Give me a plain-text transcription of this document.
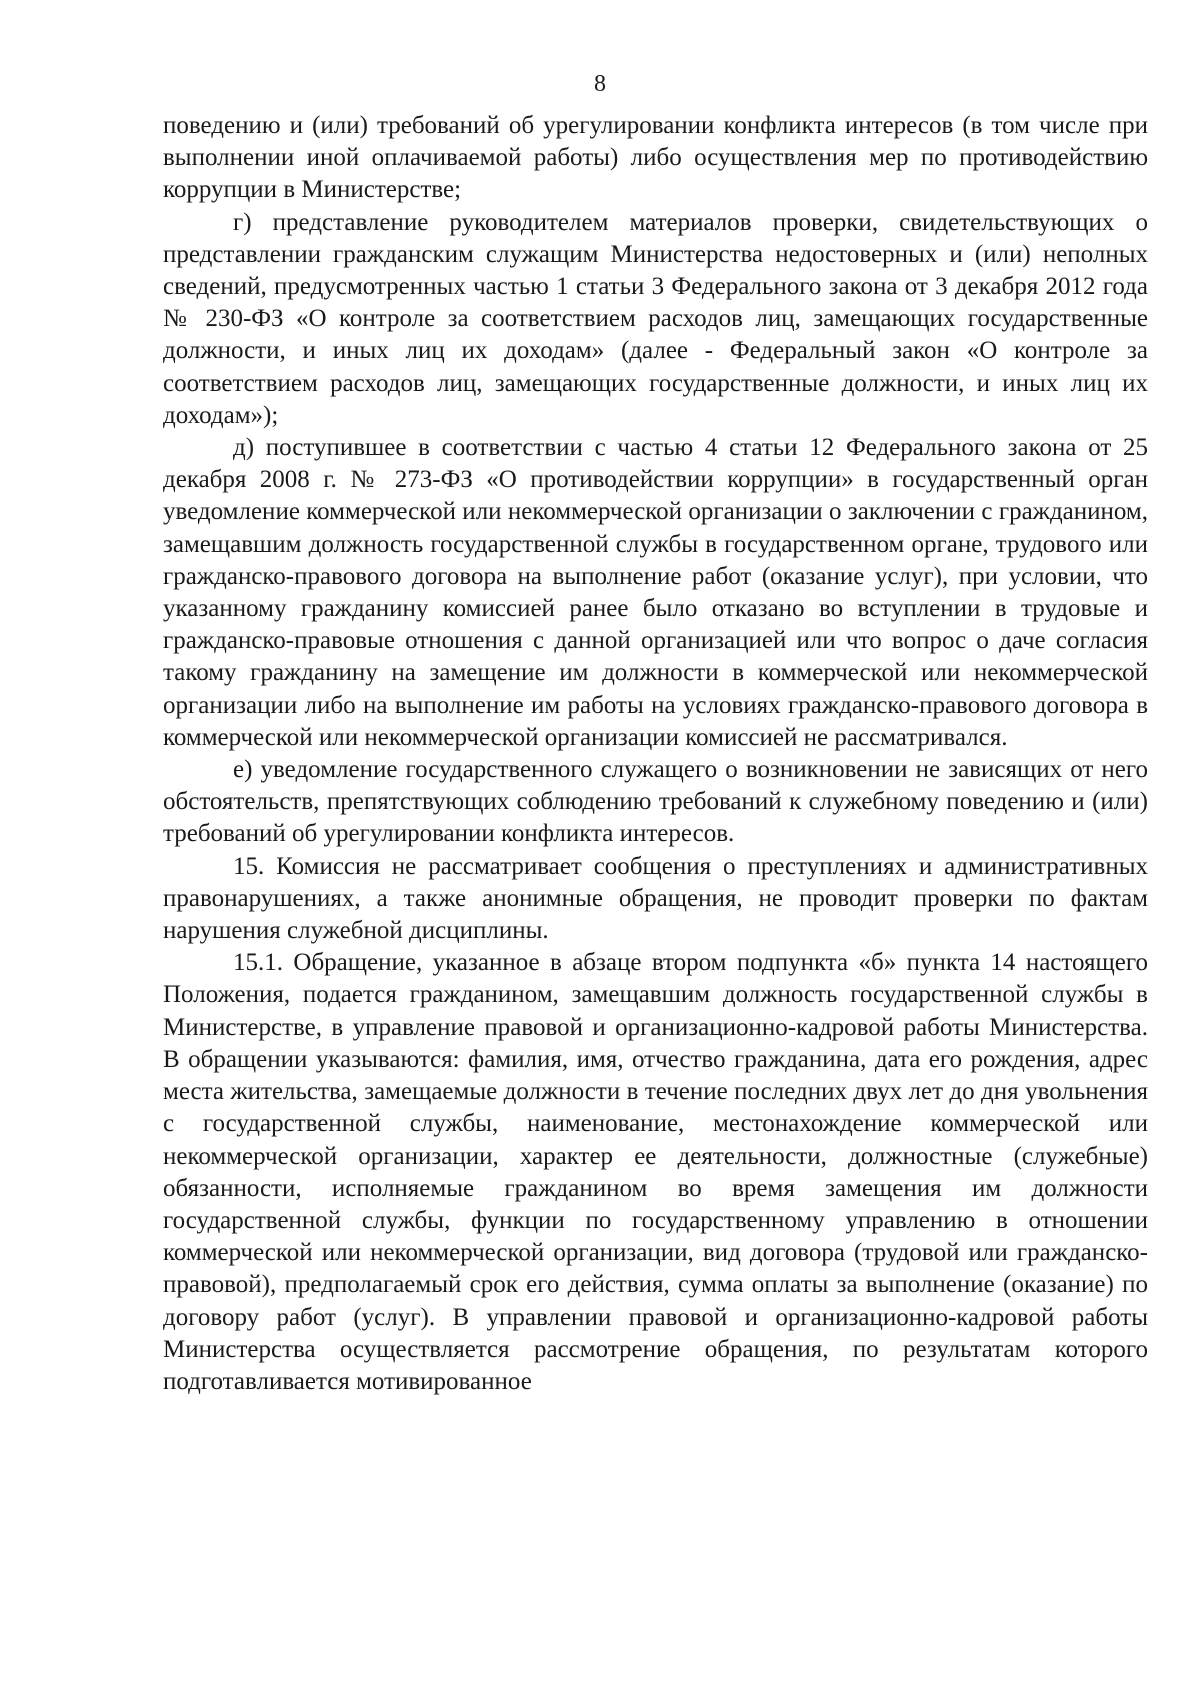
8

поведению и (или) требований об урегулировании конфликта интересов (в том числе при выполнении иной оплачиваемой работы) либо осуществления мер по противодействию коррупции в Министерстве;

г) представление руководителем материалов проверки, свидетельствующих о представлении гражданским служащим Министерства недостоверных и (или) неполных сведений, предусмотренных частью 1 статьи 3 Федерального закона от 3 декабря 2012 года № 230-ФЗ «О контроле за соответствием расходов лиц, замещающих государственные должности, и иных лиц их доходам» (далее - Федеральный закон «О контроле за соответствием расходов лиц, замещающих государственные должности, и иных лиц их доходам»);

д) поступившее в соответствии с частью 4 статьи 12 Федерального закона от 25 декабря 2008 г. № 273-ФЗ «О противодействии коррупции» в государственный орган уведомление коммерческой или некоммерческой организации о заключении с гражданином, замещавшим должность государственной службы в государственном органе, трудового или гражданско-правового договора на выполнение работ (оказание услуг), при условии, что указанному гражданину комиссией ранее было отказано во вступлении в трудовые и гражданско-правовые отношения с данной организацией или что вопрос о даче согласия такому гражданину на замещение им должности в коммерческой или некоммерческой организации либо на выполнение им работы на условиях гражданско-правового договора в коммерческой или некоммерческой организации комиссией не рассматривался.

е) уведомление государственного служащего о возникновении не зависящих от него обстоятельств, препятствующих соблюдению требований к служебному поведению и (или) требований об урегулировании конфликта интересов.

15. Комиссия не рассматривает сообщения о преступлениях и административных правонарушениях, а также анонимные обращения, не проводит проверки по фактам нарушения служебной дисциплины.

15.1. Обращение, указанное в абзаце втором подпункта «б» пункта 14 настоящего Положения, подается гражданином, замещавшим должность государственной службы в Министерстве, в управление правовой и организационно-кадровой работы Министерства. В обращении указываются: фамилия, имя, отчество гражданина, дата его рождения, адрес места жительства, замещаемые должности в течение последних двух лет до дня увольнения с государственной службы, наименование, местонахождение коммерческой или некоммерческой организации, характер ее деятельности, должностные (служебные) обязанности, исполняемые гражданином во время замещения им должности государственной службы, функции по государственному управлению в отношении коммерческой или некоммерческой организации, вид договора (трудовой или гражданско-правовой), предполагаемый срок его действия, сумма оплаты за выполнение (оказание) по договору работ (услуг). В управлении правовой и организационно-кадровой работы Министерства осуществляется рассмотрение обращения, по результатам которого подготавливается мотивированное
